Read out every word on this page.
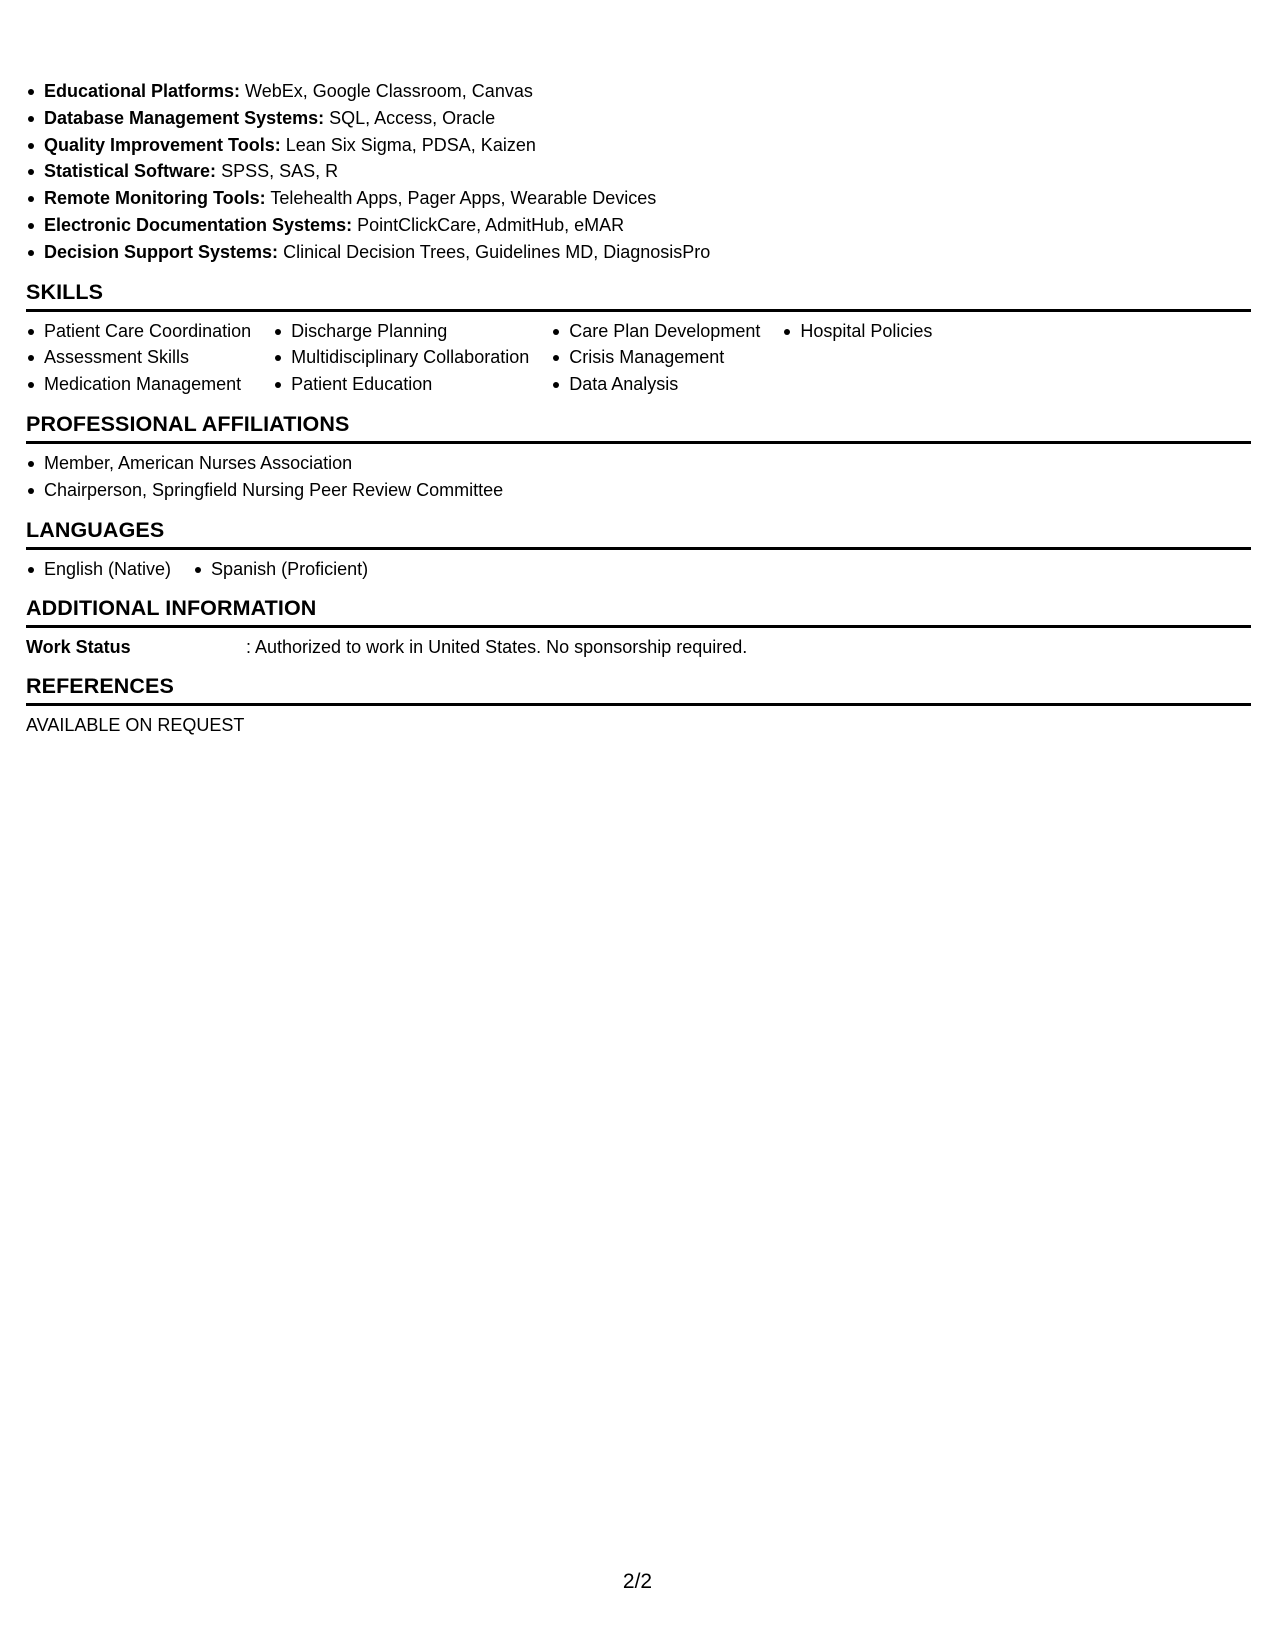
Educational Platforms: WebEx, Google Classroom, Canvas
Database Management Systems: SQL, Access, Oracle
Quality Improvement Tools: Lean Six Sigma, PDSA, Kaizen
Statistical Software: SPSS, SAS, R
Remote Monitoring Tools: Telehealth Apps, Pager Apps, Wearable Devices
Electronic Documentation Systems: PointClickCare, AdmitHub, eMAR
Decision Support Systems: Clinical Decision Trees, Guidelines MD, DiagnosisPro
SKILLS
Patient Care Coordination
Assessment Skills
Medication Management
Discharge Planning
Multidisciplinary Collaboration
Patient Education
Care Plan Development
Crisis Management
Data Analysis
Hospital Policies
PROFESSIONAL AFFILIATIONS
Member, American Nurses Association
Chairperson, Springfield Nursing Peer Review Committee
LANGUAGES
English (Native)	Spanish (Proficient)
ADDITIONAL INFORMATION
Work Status	: Authorized to work in United States. No sponsorship required.
REFERENCES
AVAILABLE ON REQUEST
2/2
